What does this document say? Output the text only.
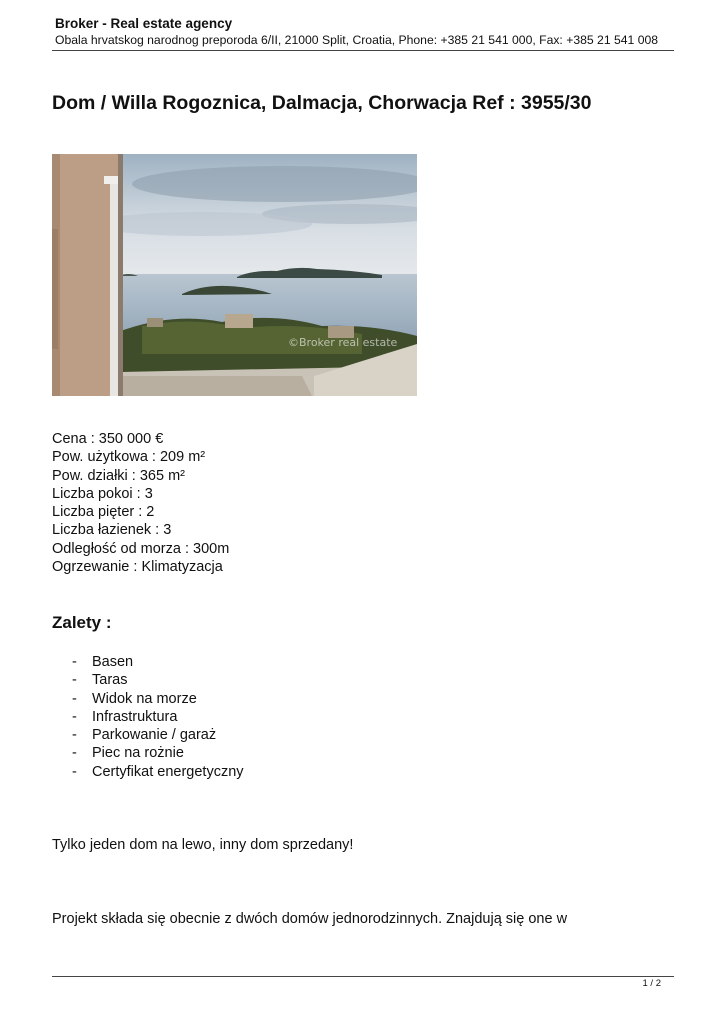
Broker - Real estate agency
Obala hrvatskog narodnog preporoda 6/II, 21000 Split, Croatia, Phone: +385 21 541 000, Fax: +385 21 541 008
Dom / Willa Rogoznica, Dalmacja, Chorwacja Ref : 3955/30
©Broker real estate
Cena : 350 000 €
Pow. użytkowa : 209 m²
Pow. działki : 365 m²
Liczba pokoi : 3
Liczba pięter : 2
Liczba łazienek : 3
Odległość od morza : 300m
Ogrzewanie : Klimatyzacja
Zalety :
- Basen
- Taras
- Widok na morze
- Infrastruktura
- Parkowanie / garaż
- Piec na rożnie
- Certyfikat energetyczny

Tylko jeden dom na lewo, inny dom sprzedany!

Projekt składa się obecnie z dwóch domów jednorodzinnych. Znajdują się one w

1 / 2
